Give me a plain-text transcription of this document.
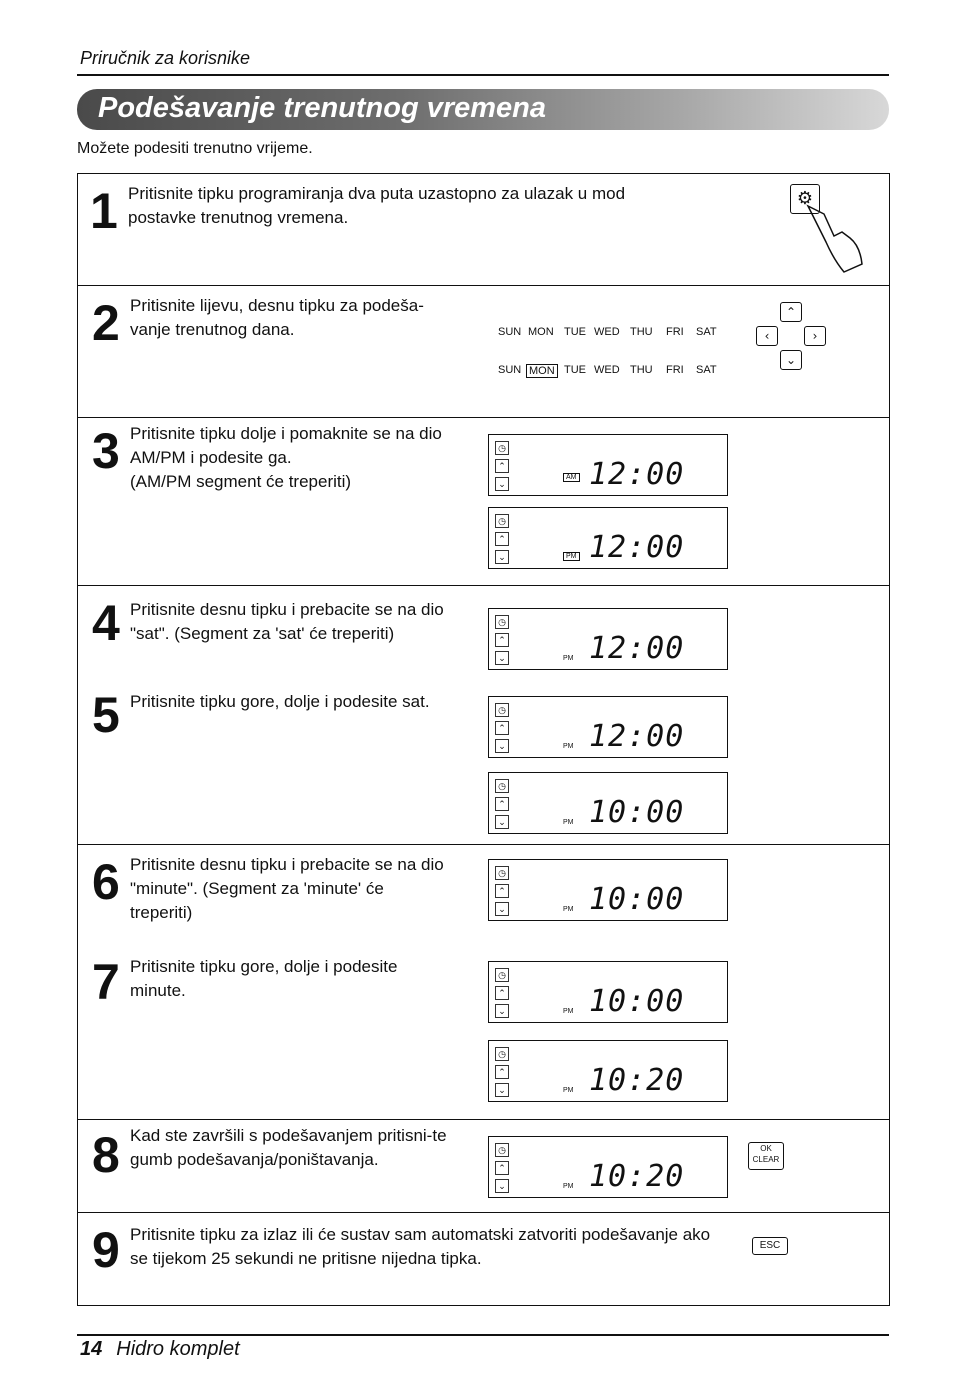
Priručnik za korisnike
Podešavanje trenutnog vremena
Možete podesiti trenutno vrijeme.
1 Pritisnite tipku programiranja dva puta uzastopno za ulazak u mod postavke trenutnog vremena.
⚙
2 Pritisnite lijevu, desnu tipku za podeša-vanje trenutnog dana.	SUN MON TUE WED THU FRI SAT
SUN MON TUE WED THU FRI SAT
⌃
‹	›
⌄
3 Pritisnite tipku dolje i pomaknite se na dio AM/PM i podesite ga.
(AM/PM segment će treperiti)
◷
⌃
⌄
AM 12:00
◷
⌃
⌄	PM 12:00
4 Pritisnite desnu tipku i prebacite se na dio "sat". (Segment za 'sat' će treperiti)
5 Pritisnite tipku gore, dolje i podesite sat.
◷
⌃
⌄	PM 12:00
◷
⌃
⌄	PM 12:00
◷
⌃
⌄	PM 10:00
6 Pritisnite desnu tipku i prebacite se na dio "minute". (Segment za 'minute' će treperiti)
7 Pritisnite tipku gore, dolje i podesite minute.
◷
⌃
⌄	PM 10:00
◷
⌃
⌄	PM 10:00
◷
⌃
⌄	PM 10:20
8 Kad ste završili s podešavanjem pritisni-te gumb podešavanja/poništavanja.	◷
⌃
⌄	PM 10:20
OK
CLEAR
9 Pritisnite tipku za izlaz ili će sustav sam automatski zatvoriti podešavanje ako se tijekom 25 sekundi ne pritisne nijedna tipka.
ESC
14 Hidro komplet
